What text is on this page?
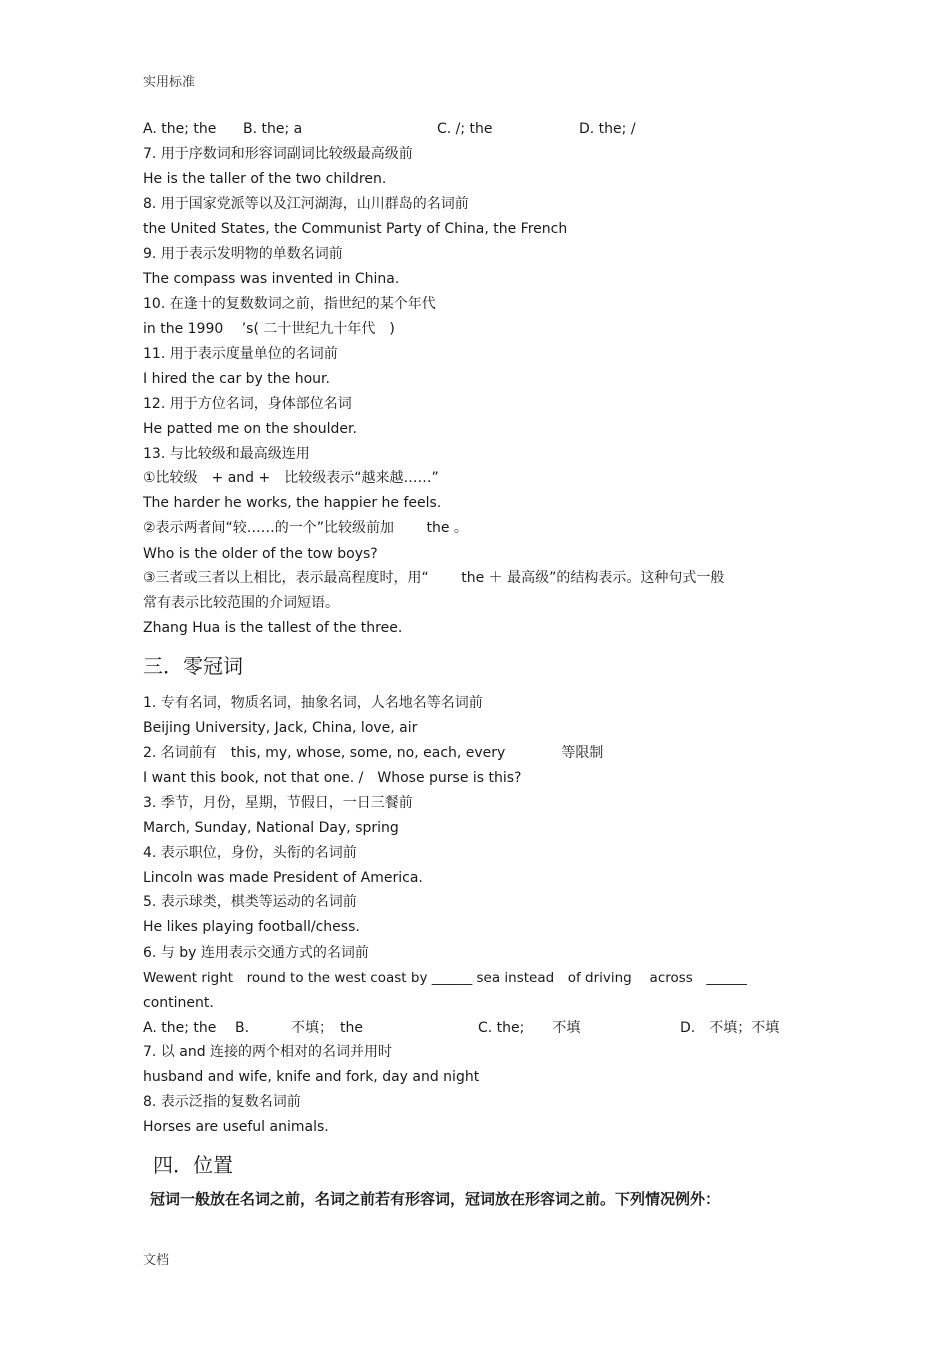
实用标准
A. the; the B. the; a	C. /; the	D. the; /
7. 用于序数词和形容词副词比较级最高级前
He is the taller of the two children.
8. 用于国家党派等以及江河湖海，山川群岛的名词前
the United States, the Communist Party of China, the French
9. 用于表示发明物的单数名词前
The compass was invented in China.
10. 在逢十的复数数词之前，指世纪的某个年代
in the 1990　 ’s( 二十世纪九十年代　)
11. 用于表示度量单位的名词前
I hired the car by the hour.
12. 用于方位名词，身体部位名词
He patted me on the shoulder.
13. 与比较级和最高级连用
①比较级　+ and +　比较级表示“越来越……”
The harder he works, the happier he feels.
②表示两者间“较……的一个”比较级前加　　 the 。
Who is the older of the tow boys?
③三者或三者以上相比，表示最高程度时，用“　　 the ＋ 最高级”的结构表示。这种句式一般
常有表示比较范围的介词短语。
Zhang Hua is the tallest of the three.
三．零冠词
1. 专有名词，物质名词，抽象名词，人名地名等名词前
Beijing University, Jack, China, love, air
2. 名词前有　this, my, whose, some, no, each, every　　　　等限制
I want this book, not that one. /　Whose purse is this?
3. 季节，月份，星期，节假日，一日三餐前
March, Sunday, National Day, spring
4. 表示职位，身份，头衔的名词前
Lincoln was made President of America.
5. 表示球类，棋类等运动的名词前
He likes playing football/chess.
6. 与 by 连用表示交通方式的名词前
Wewent right　round to the west coast by ______ sea instead　of driving　 across　______
continent.
A. the; the B.　　　不填；　the	C. the;　　不填	D.　不填；不填
7. 以 and 连接的两个相对的名词并用时
husband and wife, knife and fork, day and night
8. 表示泛指的复数名词前
Horses are useful animals.
四．位置
冠词一般放在名词之前，名词之前若有形容词，冠词放在形容词之前。下列情况例外：
文档
